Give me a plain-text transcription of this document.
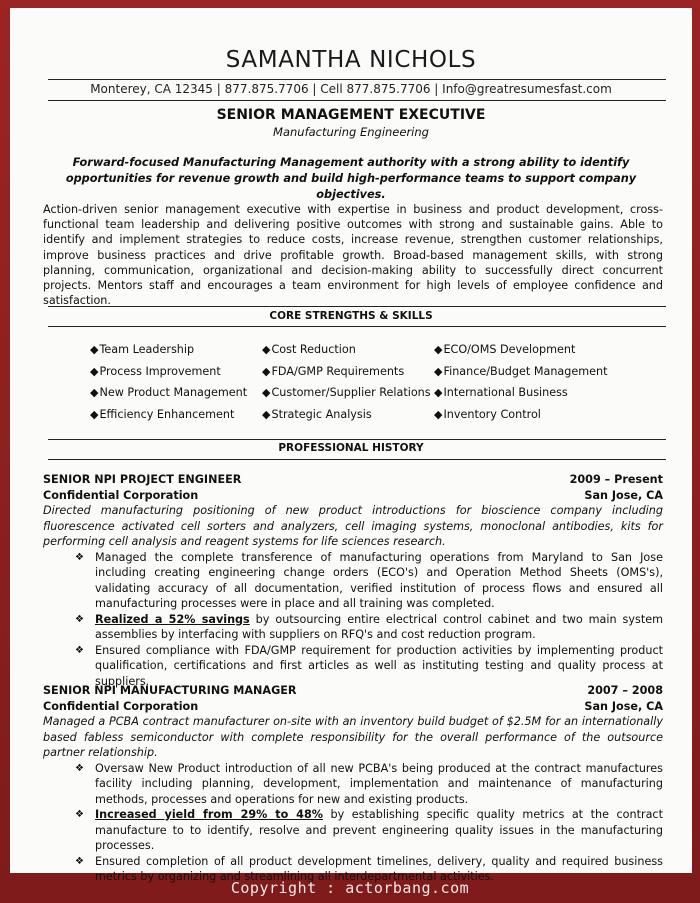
SAMANTHA NICHOLS
Monterey, CA 12345 | 877.875.7706 | Cell 877.875.7706 | Info@greatresumesfast.com
SENIOR MANAGEMENT EXECUTIVE
Manufacturing Engineering
Forward-focused Manufacturing Management authority with a strong ability to identify opportunities for revenue growth and build high-performance teams to support company objectives.
Action-driven senior management executive with expertise in business and product development, cross-functional team leadership and delivering positive outcomes with strong and sustainable gains. Able to identify and implement strategies to reduce costs, increase revenue, strengthen customer relationships, improve business practices and drive profitable growth. Broad-based management skills, with strong planning, communication, organizational and decision-making ability to successfully direct concurrent projects. Mentors staff and encourages a team environment for high levels of employee confidence and satisfaction.
CORE STRENGTHS & SKILLS
◆Team Leadership	◆Cost Reduction	◆ECO/OMS Development
◆Process Improvement	◆FDA/GMP Requirements	◆Finance/Budget Management
◆New Product Management	◆Customer/Supplier Relations ◆International Business
◆Efficiency Enhancement	◆Strategic Analysis	◆Inventory Control
PROFESSIONAL HISTORY
SENIOR NPI PROJECT ENGINEER	2009 – Present
Confidential Corporation	San Jose, CA
Directed manufacturing positioning of new product introductions for bioscience company including fluorescence activated cell sorters and analyzers, cell imaging systems, monoclonal antibodies, kits for performing cell analysis and reagent systems for life sciences research.
❖ Managed the complete transference of manufacturing operations from Maryland to San Jose including creating engineering change orders (ECO's) and Operation Method Sheets (OMS's), validating accuracy of all documentation, verified institution of process flows and ensured all manufacturing processes were in place and all training was completed.
❖ Realized a 52% savings by outsourcing entire electrical control cabinet and two main system assemblies by interfacing with suppliers on RFQ's and cost reduction program.
❖ Ensured compliance with FDA/GMP requirement for production activities by implementing product qualification, certifications and first articles as well as instituting testing and quality process at suppliers.
SENIOR NPI MANUFACTURING MANAGER	2007 – 2008
Confidential Corporation	San Jose, CA
Managed a PCBA contract manufacturer on-site with an inventory build budget of $2.5M for an internationally based fabless semiconductor with complete responsibility for the overall performance of the outsource partner relationship.
❖ Oversaw New Product introduction of all new PCBA's being produced at the contract manufactures facility including planning, development, implementation and maintenance of manufacturing methods, processes and operations for new and existing products.
❖ Increased yield from 29% to 48% by establishing specific quality metrics at the contract manufacture to to identify, resolve and prevent engineering quality issues in the manufacturing processes.
❖ Ensured completion of all product development timelines, delivery, quality and required business metrics by organizing and streamlining all interdepartmental activities.
Copyright : actorbang.com
